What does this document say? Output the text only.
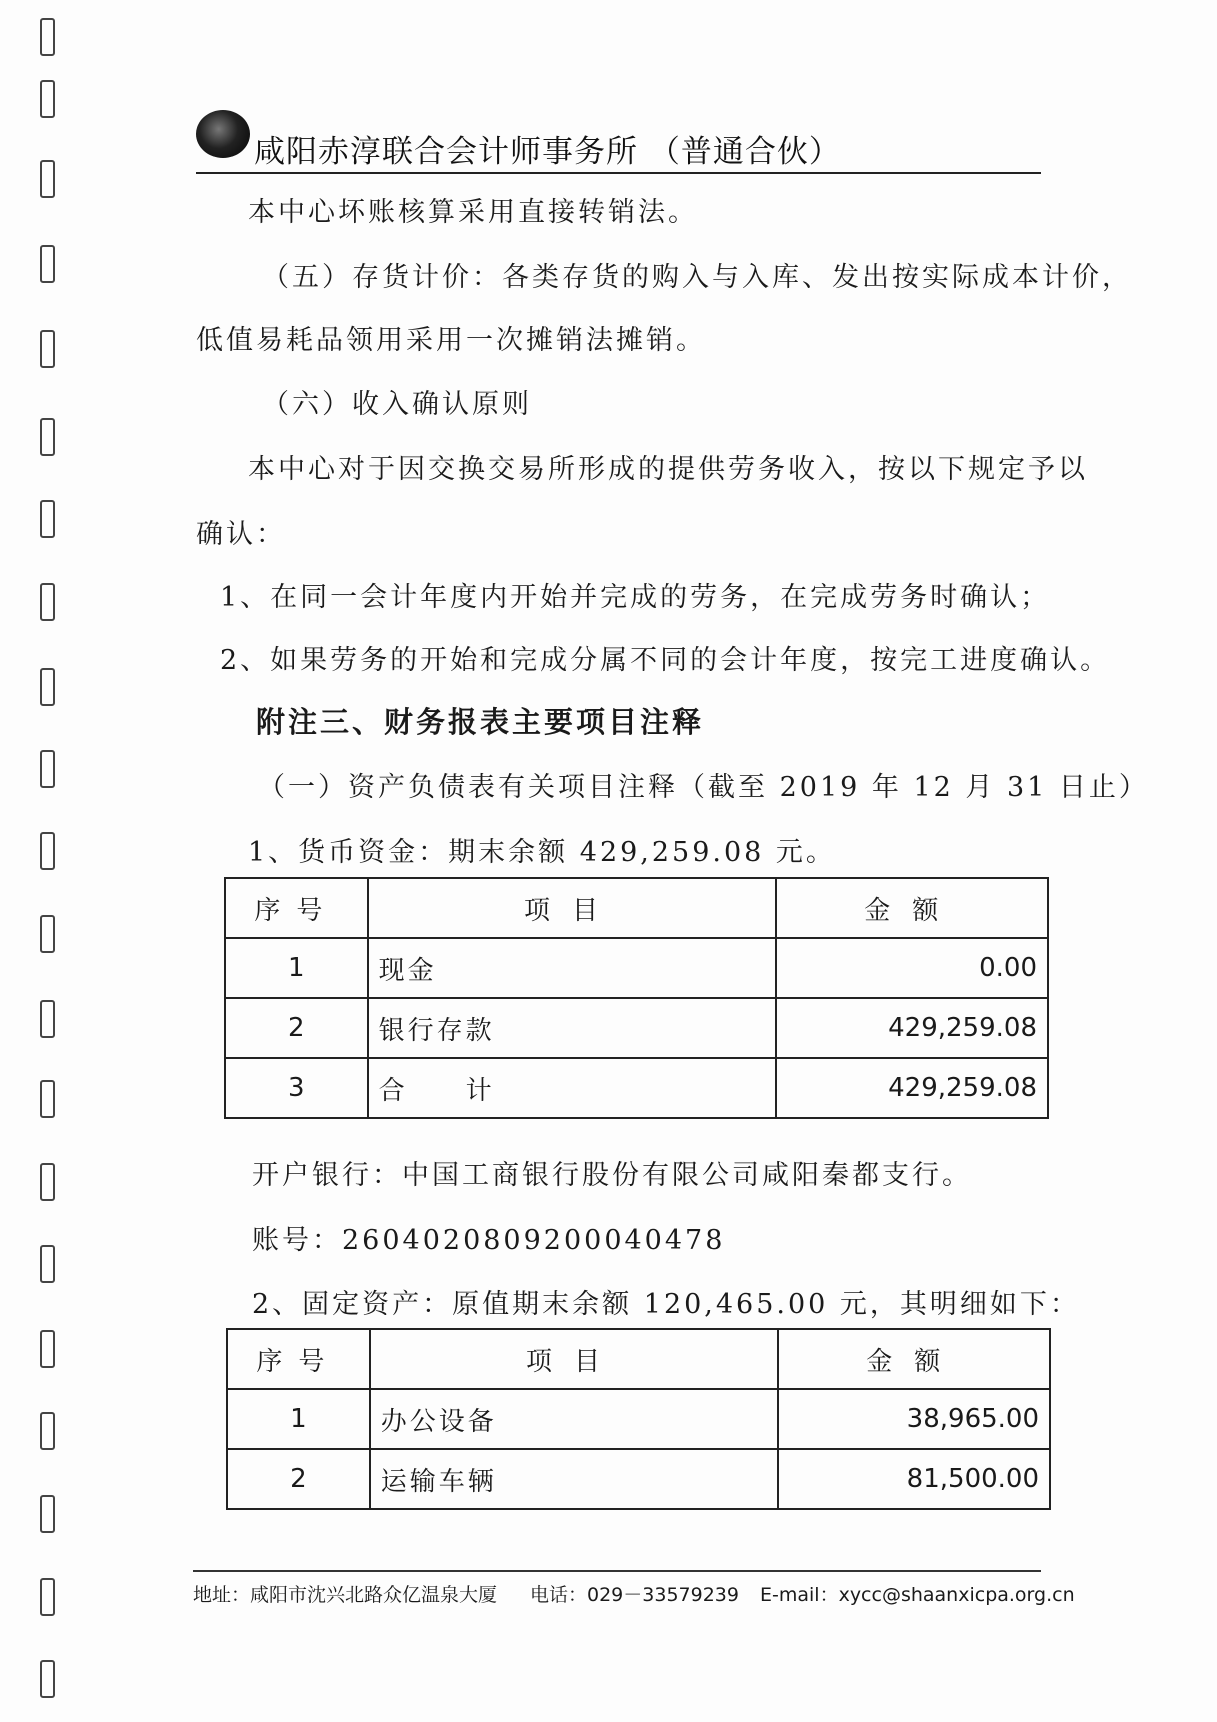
咸阳赤淳联合会计师事务所 （普通合伙）
本中心坏账核算采用直接转销法。
（五）存货计价：各类存货的购入与入库、发出按实际成本计价，
低值易耗品领用采用一次摊销法摊销。
（六）收入确认原则
本中心对于因交换交易所形成的提供劳务收入，按以下规定予以
确认：
1、在同一会计年度内开始并完成的劳务，在完成劳务时确认；
2、如果劳务的开始和完成分属不同的会计年度，按完工进度确认。
附注三、财务报表主要项目注释
（一）资产负债表有关项目注释（截至 2019 年 12 月 31 日止）
1、货币资金：期末余额 429,259.08 元。
序号	项目	金额
1	现金	0.00
2	银行存款	429,259.08
3	合　　计	429,259.08
开户银行：中国工商银行股份有限公司咸阳秦都支行。
账号：2604020809200040478
2、固定资产：原值期末余额 120,465.00 元，其明细如下：
序号	项目	金额
1	办公设备	38,965.00
2	运输车辆	81,500.00
地址：咸阳市沈兴北路众亿温泉大厦 电话：029－33579239 E-mail：xycc@shaanxicpa.org.cn
